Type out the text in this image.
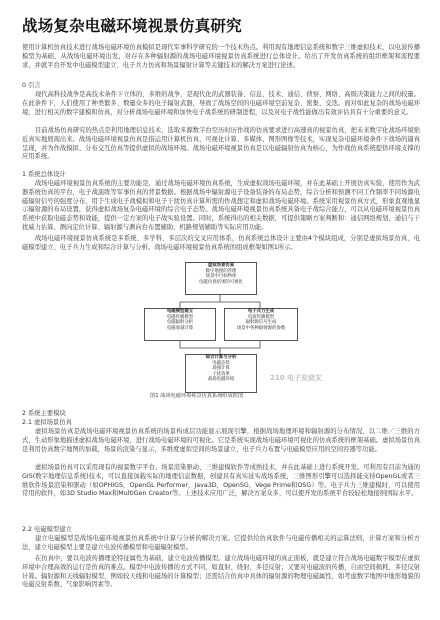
战场复杂电磁环境视景仿真研究
使用计算机仿真技术进行战场电磁环境仿真模拟是现代军事科学研究的一个技术热点。利用现有地理信息系统和数字三维虚拟技术，以电波传播模型为基础，从战场电磁环境出发，对存在多种辐射源的战场电磁环境视景仿真系统进行总体设计。给出了开发仿真系统的组织框架和流程要求，并就平台开发中电磁模型建立、电子兵力仿真和场景辐射计算等关键技术的解决方案进行论述。
0 引言
现代高科技战争是高技术条件下立体的、多维的战争，是现代化的武器装备、信息、技术、通信、侦察、网络、高级决策能力之间的较量。在此条件下，人们使用了种类繁多、数量众多的电子辐射武器，导致了战场空间的电磁环境空前复杂、密集、交迭。面对如此复杂的战场电磁环境，进行相关的数字建模和仿真，对分析战场电磁环境和加快电子战系统的研制进程，以及对电子战性能做出有效评估具有十分重要的意义。
目前战场仿真研究的热点是利用地理信息技术，选取多源数字台空历时历作战的仿真要求进行高速真的视景仿真，把未来数字化战场环境贴近真实地展现出来。战场电磁环境视景仿真是指运用计算机仿真、可视化计算、多媒体、图形图像等技术，实现复杂电磁环境条件下战场的逼真呈现，并为作战模拟、分布交互仿真等提供虚拟的战场环境。战场电磁环境视景仿真是以电磁辐射仿真为核心，为作战仿真系统提供环境支撑的应用系统。
1 系统总体设计
战场电磁环境视景仿真系统的主要功能是，通过战场电磁环境仿真系统，生成虚拟战场电磁环境，并在此基础上开展仿真实验，使用作为武器系统仿真的平台，电子战演练等军事仿真的背景数据。根据战场中辐射源电子设备装备的布局态势，综合分析和预测不同工作频率不同场源电磁辐射信号的强度分布，用于生成电子战模拟和电子干扰仿真计算所需的作战想定和虚拟战场电磁环境。系统采用视景仿真方式，形象直观地显示辐射源的布局设置，获得虚拟战场复杂电磁环境的综合电子态势。战场电磁环境视景仿真系统具备电子战综合能力，可以从电磁环境视景仿真系统中获取电磁态势和效能，提供一定方案的电子战实验设置。同时，系统得出的相关数据，可提供策略方案判断和：通信网络规划、通信与干扰威力估算、测向定位计算、辐射源与测向台布置辅助、机路规划辅助等实际应用功能。
战场电磁环境视景仿真系统是多系统、多学科、多层次的交叉应用体系，仿真系统总体设计主要由4个模块组成，分别是虚拟场景仿真、电磁模型建立、电子兵力生成和综合计算与分析。战场电磁环境视景仿真系统的组成框架如图1所示。
虚拟场景仿真
数字地图的管理
场景中目标物体
电磁仿真结果的可视化
电磁模型建立
电磁传播模型
电磁辐射分析
电磁衰减计算
电子兵力生成
电波传播模型
辐射源信号生成
场景中各种辐射源的参数
综合计算与分析
电磁态势
场强计算
干扰效果
战场电磁环境	210 电子发烧友
图1 战场电磁环境视景仿真系统组成框图
2 系统主要模块
2.1 虚拟场景仿真
虚拟场景仿真是战场电磁环境视景仿真系统的场景构成层功能显示展现引擎，根据战场地理环境和辐射源的分布情况，以二维／三维的方式，生动形象地描述虚拟战场电磁环境，进行战场电磁环境的可视化。它是系统实现战场电磁环境可视化的仿真系统的框架基础。虚拟场景仿真是利用仿真数字地图的加载，场景的渲染与显示，多维度虚拟空间的场景建立、电子兵力布置与电磁模型应用的空间容器等功能。
虚拟场景仿真可以采用现有的视景数字平台、场景渲染驱动、三维建模软件等成熟技术，并在此基础上进行系统开发。可利用有目前为通的GIS(数字地理信息系统)技术，可以直接加载实际的地理信息数据，创建具有真实延实战场系统，三维图形引擎可以选择能支持OpenGL或者三维软件场景渲染和驱动（如OPHIGS，OpenGL Performer，Java3D，OpenSG，Vege Prime和OSG）等。电子兵力三维建模时，可以使用常用的软件，如3D Studio Max和MultiGen Creator等。上述技术应用广泛，解决方案众多，可以使开发的系统平台较轻松地接纳国际水平。
2.2 电磁模型建立
建立电磁模型是战场电磁环境视景仿真系统中计算与分析的解决方案。它提供给仿真软件与电磁传播相关的运算法则，计算方案和分析方法，建立电磁模型主要是建立电波传播模型和电磁辐射模型。
在仿真中，要以电波传播理论特征属性为基础，建立电波传播模型。建立战场电磁环境的真正面板，就是建立符合战场电磁数字模型在虚拟环境中合理高效的运行是仿真的难点。模型中电波传播的方式不同，如直射、绕射、多径反射；又要对电磁波的传播，自由空间损耗、多径反射计算。辐射源和天线辐射模型，例如较天线和电磁场的计算模型；还需结合仿真中具体的辐射源的物理电磁属性，如考虑数字地图中地形地貌的电磁反射系数、气象影响因素等。
